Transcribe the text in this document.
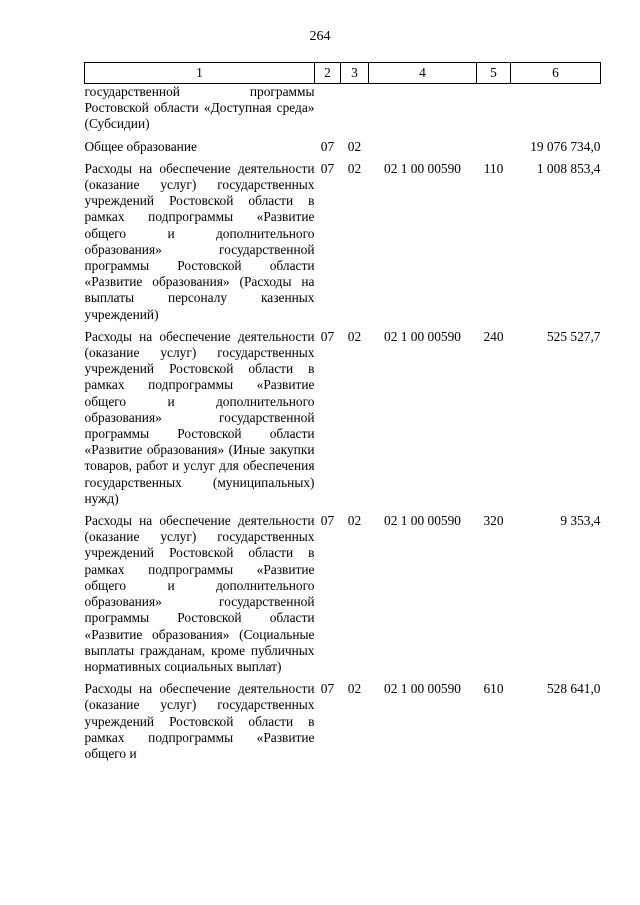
264
1	2	3	4	5	6
государственной программы Ростовской области «Доступная среда» (Субсидии)					
Общее образование	07	02			19 076 734,0
Расходы на обеспечение деятельности (оказание услуг) государственных учреждений Ростовской области в рамках подпрограммы «Развитие общего и дополнительного образования» государственной программы Ростовской области «Развитие образования» (Расходы на выплаты персоналу казенных учреждений)	07	02	02 1 00 00590	110	1 008 853,4
Расходы на обеспечение деятельности (оказание услуг) государственных учреждений Ростовской области в рамках подпрограммы «Развитие общего и дополнительного образования» государственной программы Ростовской области «Развитие образования» (Иные закупки товаров, работ и услуг для обеспечения государственных (муниципальных) нужд)	07	02	02 1 00 00590	240	525 527,7
Расходы на обеспечение деятельности (оказание услуг) государственных учреждений Ростовской области в рамках подпрограммы «Развитие общего и дополнительного образования» государственной программы Ростовской области «Развитие образования» (Социальные выплаты гражданам, кроме публичных нормативных социальных выплат)	07	02	02 1 00 00590	320	9 353,4
Расходы на обеспечение деятельности (оказание услуг) государственных учреждений Ростовской области в рамках подпрограммы «Развитие общего и	07	02	02 1 00 00590	610	528 641,0
